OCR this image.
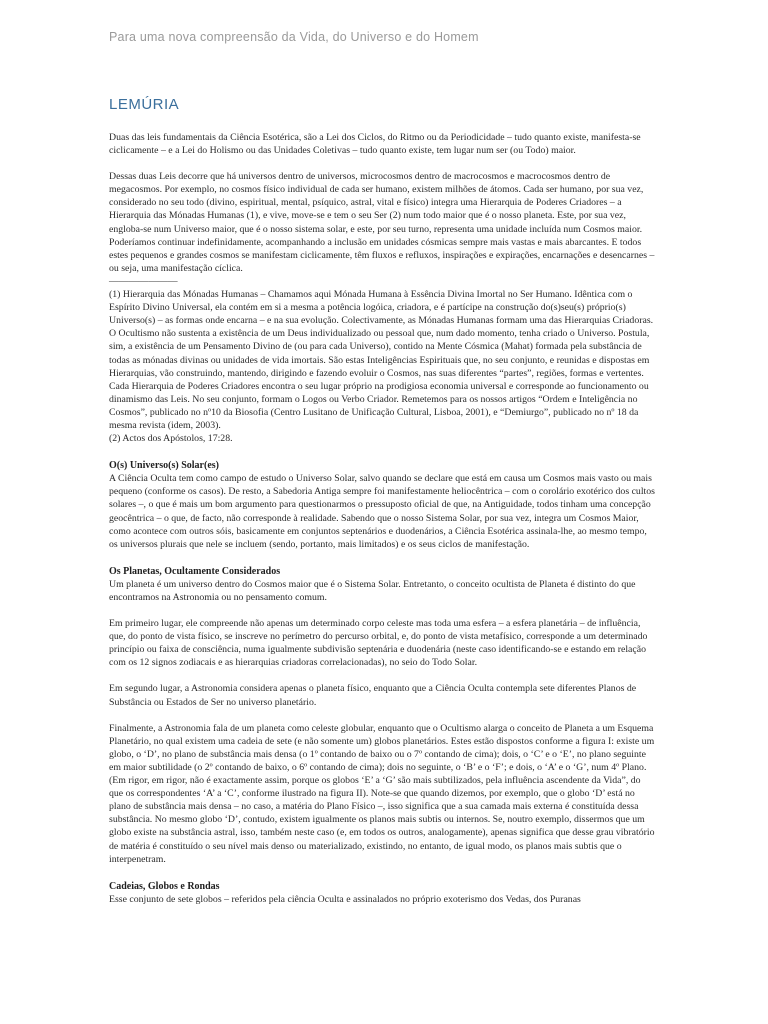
Para uma nova compreensão da Vida, do Universo e do Homem
LEMÚRIA

Duas das leis fundamentais da Ciência Esotérica, são a Lei dos Ciclos, do Ritmo ou da Periodicidade – tudo quanto existe, manifesta-se ciclicamente – e a Lei do Holismo ou das Unidades Coletivas – tudo quanto existe, tem lugar num ser (ou Todo) maior.

Dessas duas Leis decorre que há universos dentro de universos, microcosmos dentro de macrocosmos e macrocosmos dentro de megacosmos. Por exemplo, no cosmos físico individual de cada ser humano, existem milhões de átomos. Cada ser humano, por sua vez, considerado no seu todo (divino, espiritual, mental, psíquico, astral, vital e físico) integra uma Hierarquia de Poderes Criadores – a Hierarquia das Mónadas Humanas (1), e vive, move-se e tem o seu Ser (2) num todo maior que é o nosso planeta. Este, por sua vez, engloba-se num Universo maior, que é o nosso sistema solar, e este, por seu turno, representa uma unidade incluída num Cosmos maior. Poderíamos continuar indefinidamente, acompanhando a inclusão em unidades cósmicas sempre mais vastas e mais abarcantes. E todos estes pequenos e grandes cosmos se manifestam ciclicamente, têm fluxos e refluxos, inspirações e expirações, encarnações e desencarnes – ou seja, uma manifestação cíclica.

———————

(1) Hierarquia das Mónadas Humanas – Chamamos aqui Mónada Humana à Essência Divina Imortal no Ser Humano. Idêntica com o Espírito Divino Universal, ela contém em si a mesma a potência logóica, criadora, e é partícipe na construção do(s)seu(s) próprio(s) Universo(s) – as formas onde encarna – e na sua evolução. Colectivamente, as Mónadas Humanas formam uma das Hierarquias Criadoras. O Ocultismo não sustenta a existência de um Deus individualizado ou pessoal que, num dado momento, tenha criado o Universo. Postula, sim, a existência de um Pensamento Divino de (ou para cada Universo), contido na Mente Cósmica (Mahat) formada pela substância de todas as mónadas divinas ou unidades de vida imortais. São estas Inteligências Espirituais que, no seu conjunto, e reunidas e dispostas em Hierarquias, vão construindo, mantendo, dirigindo e fazendo evoluir o Cosmos, nas suas diferentes “partes”, regiões, formas e vertentes. Cada Hierarquia de Poderes Criadores encontra o seu lugar próprio na prodigiosa economia universal e corresponde ao funcionamento ou dinamismo das Leis. No seu conjunto, formam o Logos ou Verbo Criador. Remetemos para os nossos artigos “Ordem e Inteligência no Cosmos”, publicado no nº10 da Biosofia (Centro Lusitano de Unificação Cultural, Lisboa, 2001), e “Demiurgo”, publicado no nº 18 da mesma revista (idem, 2003).

(2) Actos dos Apóstolos, 17:28.

O(s) Universo(s) Solar(es)

A Ciência Oculta tem como campo de estudo o Universo Solar, salvo quando se declare que está em causa um Cosmos mais vasto ou mais pequeno (conforme os casos). De resto, a Sabedoria Antiga sempre foi manifestamente heliocêntrica – com o corolário exotérico dos cultos solares –, o que é mais um bom argumento para questionarmos o pressuposto oficial de que, na Antiguidade, todos tinham uma concepção geocêntrica – o que, de facto, não corresponde à realidade. Sabendo que o nosso Sistema Solar, por sua vez, integra um Cosmos Maior, como acontece com outros sóis, basicamente em conjuntos septenários e duodenários, a Ciência Esotérica assinala-lhe, ao mesmo tempo, os universos plurais que nele se incluem (sendo, portanto, mais limitados) e os seus ciclos de manifestação.

Os Planetas, Ocultamente Considerados

Um planeta é um universo dentro do Cosmos maior que é o Sistema Solar. Entretanto, o conceito ocultista de Planeta é distinto do que encontramos na Astronomia ou no pensamento comum.

Em primeiro lugar, ele compreende não apenas um determinado corpo celeste mas toda uma esfera – a esfera planetária – de influência, que, do ponto de vista físico, se inscreve no perímetro do percurso orbital, e, do ponto de vista metafísico, corresponde a um determinado princípio ou faixa de consciência, numa igualmente subdivisão septenária e duodenária (neste caso identificando-se e estando em relação com os 12 signos zodiacais e as hierarquias criadoras correlacionadas), no seio do Todo Solar.

Em segundo lugar, a Astronomia considera apenas o planeta físico, enquanto que a Ciência Oculta contempla sete diferentes Planos de Substância ou Estados de Ser no universo planetário.

Finalmente, a Astronomia fala de um planeta como celeste globular, enquanto que o Ocultismo alarga o conceito de Planeta a um Esquema Planetário, no qual existem uma cadeia de sete (e não somente um) globos planetários. Estes estão dispostos conforme a figura I: existe um globo, o ‘D’, no plano de substância mais densa (o 1º contando de baixo ou o 7º contando de cima); dois, o ‘C’ e o ‘E’, no plano seguinte em maior subtilidade (o 2º contando de baixo, o 6º contando de cima); dois no seguinte, o ‘B’ e o ‘F’; e dois, o ‘A’ e o ‘G’, num 4º Plano. (Em rigor, em rigor, não é exactamente assim, porque os globos ‘E’ a ‘G’ são mais subtilizados, pela influência ascendente da Vida”, do que os correspondentes ‘A’ a ‘C’, conforme ilustrado na figura II). Note-se que quando dizemos, por exemplo, que o globo ‘D’ está no plano de substância mais densa – no caso, a matéria do Plano Físico –, isso significa que a sua camada mais externa é constituída dessa substância. No mesmo globo ‘D’, contudo, existem igualmente os planos mais subtis ou internos. Se, noutro exemplo, dissermos que um globo existe na substância astral, isso, também neste caso (e, em todos os outros, analogamente), apenas significa que desse grau vibratório de matéria é constituído o seu nível mais denso ou materializado, existindo, no entanto, de igual modo, os planos mais subtis que o interpenetram.

Cadeias, Globos e Rondas

Esse conjunto de sete globos – referidos pela ciência Oculta e assinalados no próprio exoterismo dos Vedas, dos Puranas
